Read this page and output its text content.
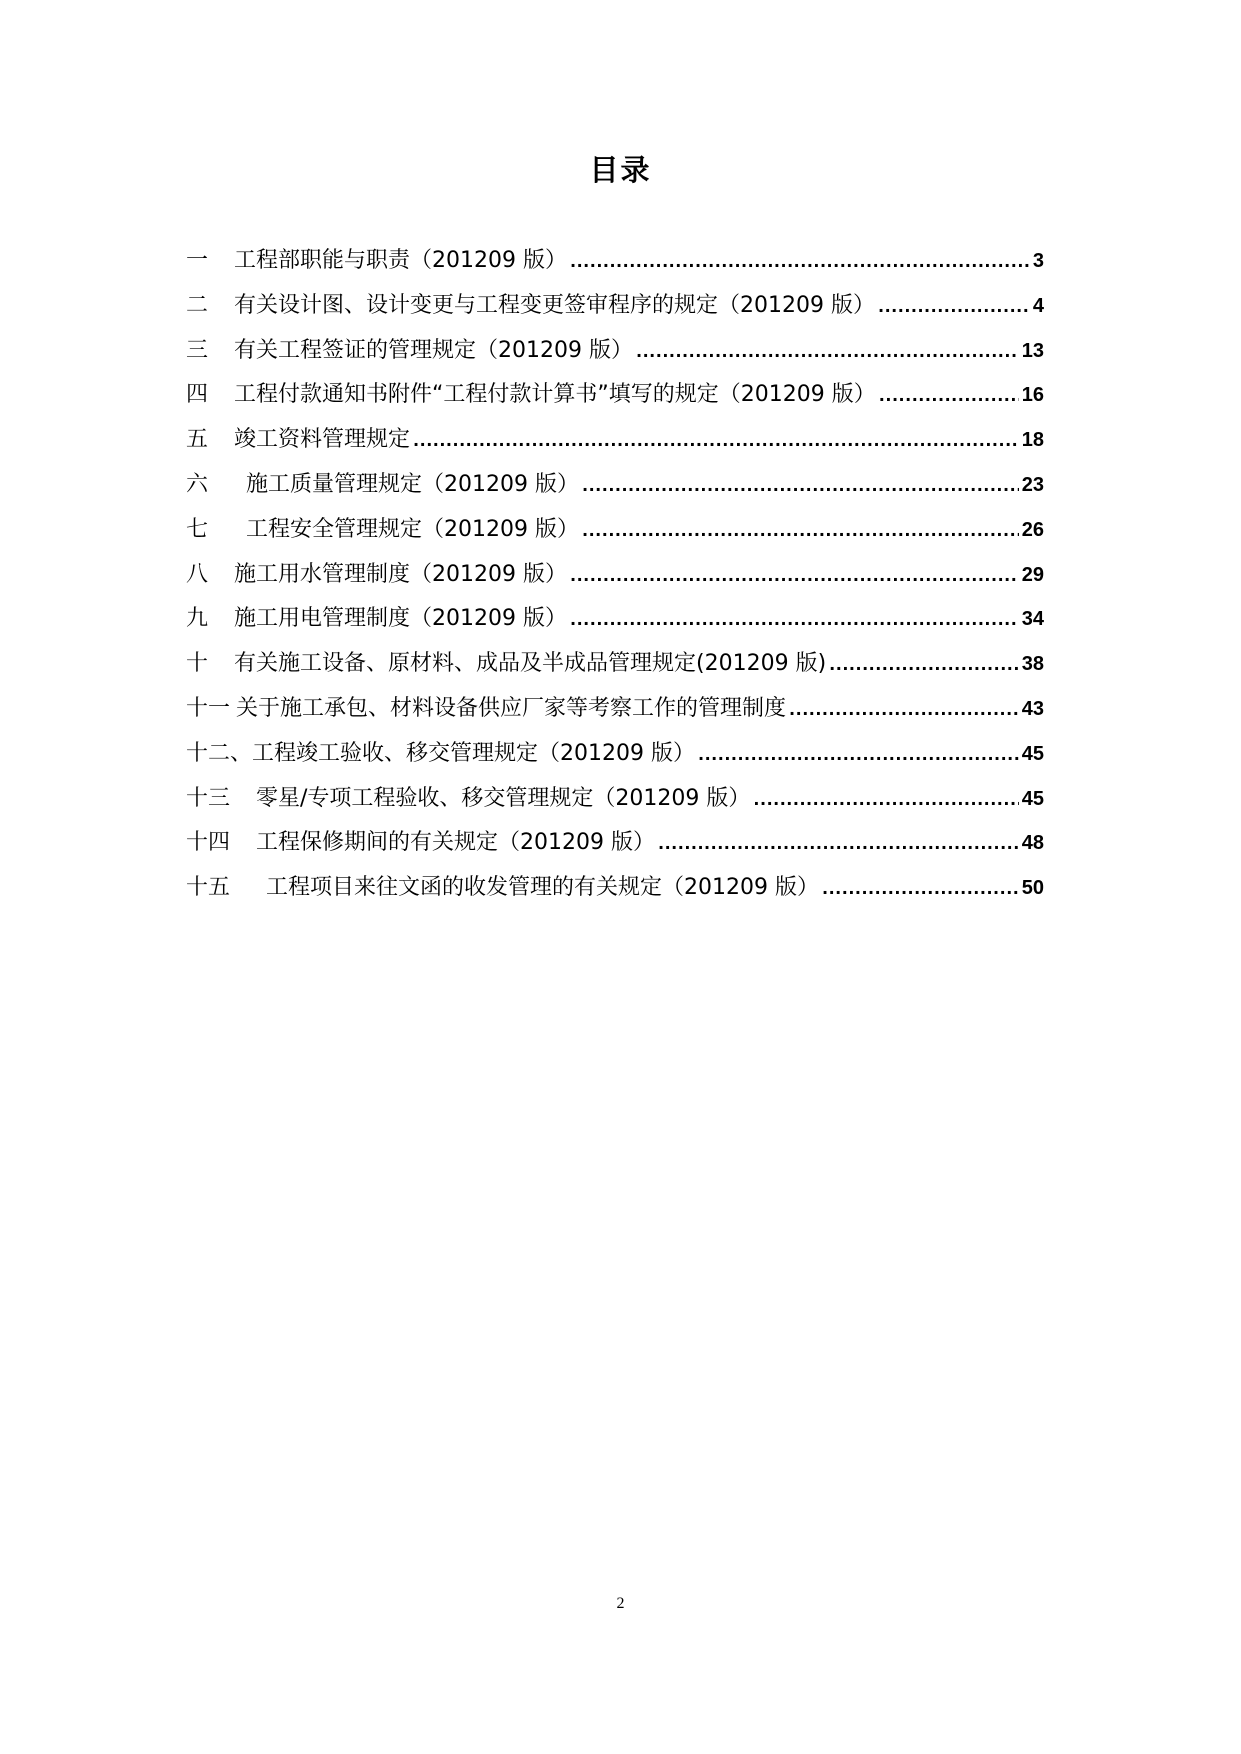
目录
一	工程部职能与职责（201209 版） .....	3
二	有关设计图、设计变更与工程变更签审程序的规定（201209 版） .....	4
三	有关工程签证的管理规定（201209 版） .....	13
四	工程付款通知书附件“工程付款计算书”填写的规定（201209 版） .....	16
五	竣工资料管理规定 .....	18
六	施工质量管理规定（201209 版） .....	23
七	工程安全管理规定（201209 版） .....	26
八	施工用水管理制度（201209 版） .....	29
九	施工用电管理制度（201209 版） .....	34
十	有关施工设备、原材料、成品及半成品管理规定(201209 版) .....	38
十一 关于施工承包、材料设备供应厂家等考察工作的管理制度 .....	43
十二、 工程竣工验收、移交管理规定（201209 版） .....	45
十三	零星/专项工程验收、移交管理规定（201209 版） .....	45
十四	工程保修期间的有关规定（201209 版） .....	48
十五	工程项目来往文函的收发管理的有关规定（201209 版） .....	50
2
